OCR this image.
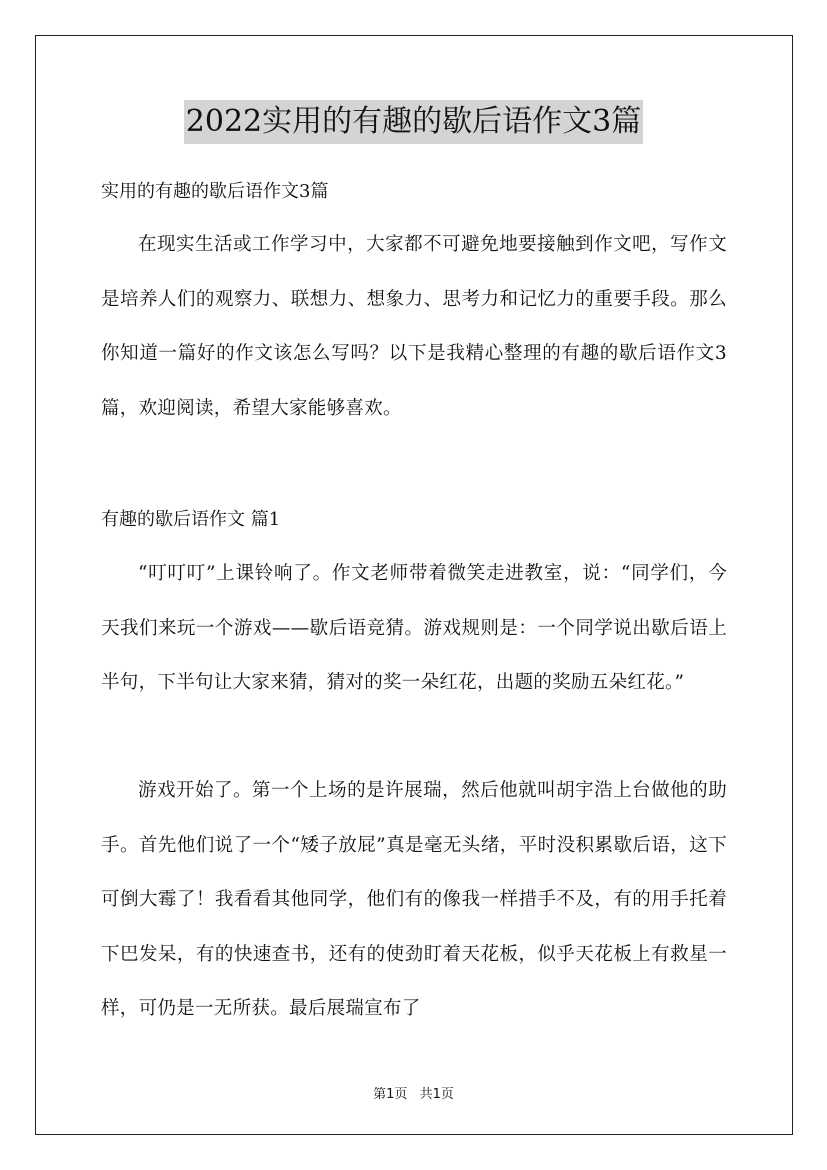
2022实用的有趣的歇后语作文3篇
实用的有趣的歇后语作文3篇
在现实生活或工作学习中，大家都不可避免地要接触到作文吧，写作文是培养人们的观察力、联想力、想象力、思考力和记忆力的重要手段。那么你知道一篇好的作文该怎么写吗？以下是我精心整理的有趣的歇后语作文3篇，欢迎阅读，希望大家能够喜欢。
有趣的歇后语作文 篇1
“叮叮叮”上课铃响了。作文老师带着微笑走进教室，说：“同学们，今天我们来玩一个游戏——歇后语竞猜。游戏规则是：一个同学说出歇后语上半句，下半句让大家来猜，猜对的奖一朵红花，出题的奖励五朵红花。”
游戏开始了。第一个上场的是许展瑞，然后他就叫胡宇浩上台做他的助手。首先他们说了一个“矮子放屁”真是毫无头绪，平时没积累歇后语，这下可倒大霉了！我看看其他同学，他们有的像我一样措手不及，有的用手托着下巴发呆，有的快速查书，还有的使劲盯着天花板，似乎天花板上有救星一样，可仍是一无所获。最后展瑞宣布了
第1页 共1页
